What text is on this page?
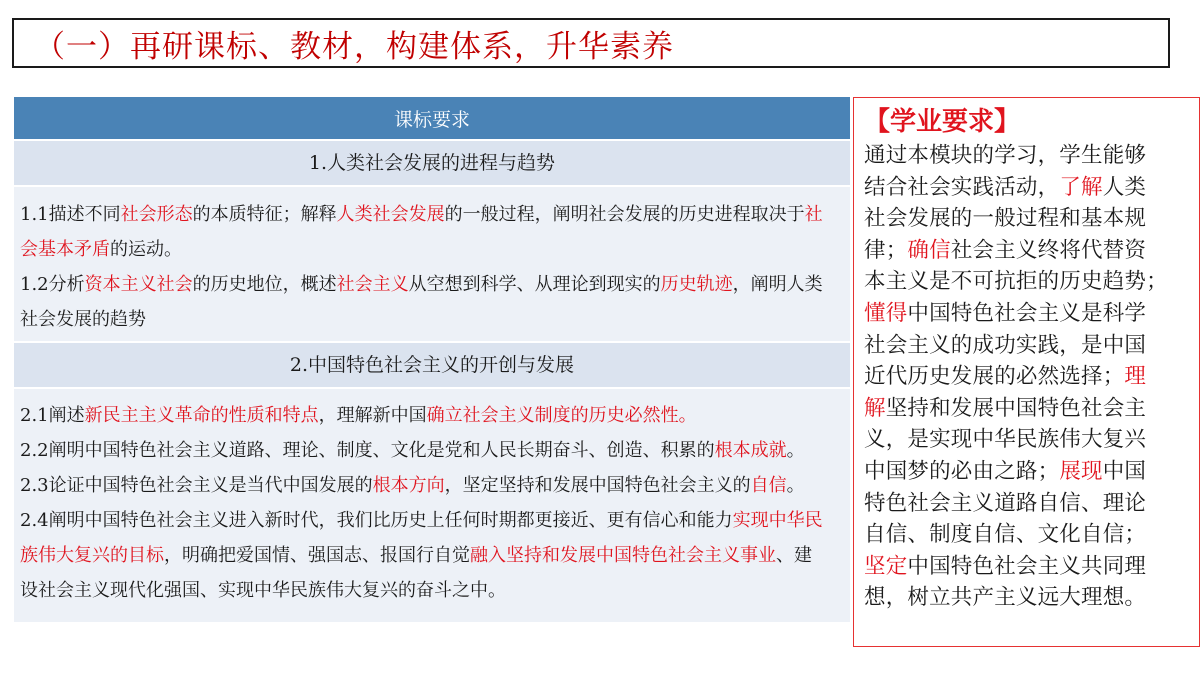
（一）再研课标、教材，构建体系，升华素养
课标要求
1.人类社会发展的进程与趋势
1.1描述不同社会形态的本质特征；解释人类社会发展的一般过程，阐明社会发展的历史进程取决于社
会基本矛盾的运动。
1.2分析资本主义社会的历史地位，概述社会主义从空想到科学、从理论到现实的历史轨迹，阐明人类
社会发展的趋势
2.中国特色社会主义的开创与发展
2.1阐述新民主主义革命的性质和特点，理解新中国确立社会主义制度的历史必然性。
2.2阐明中国特色社会主义道路、理论、制度、文化是党和人民长期奋斗、创造、积累的根本成就。
2.3论证中国特色社会主义是当代中国发展的根本方向，坚定坚持和发展中国特色社会主义的自信。
2.4阐明中国特色社会主义进入新时代，我们比历史上任何时期都更接近、更有信心和能力实现中华民
族伟大复兴的目标，明确把爱国情、强国志、报国行自觉融入坚持和发展中国特色社会主义事业、建
设社会主义现代化强国、实现中华民族伟大复兴的奋斗之中。
【学业要求】
通过本模块的学习，学生能够
结合社会实践活动，了解人类
社会发展的一般过程和基本规
律；确信社会主义终将代替资
本主义是不可抗拒的历史趋势；
懂得中国特色社会主义是科学
社会主义的成功实践，是中国
近代历史发展的必然选择；理
解坚持和发展中国特色社会主
义，是实现中华民族伟大复兴
中国梦的必由之路；展现中国
特色社会主义道路自信、理论
自信、制度自信、文化自信；
坚定中国特色社会主义共同理
想，树立共产主义远大理想。
